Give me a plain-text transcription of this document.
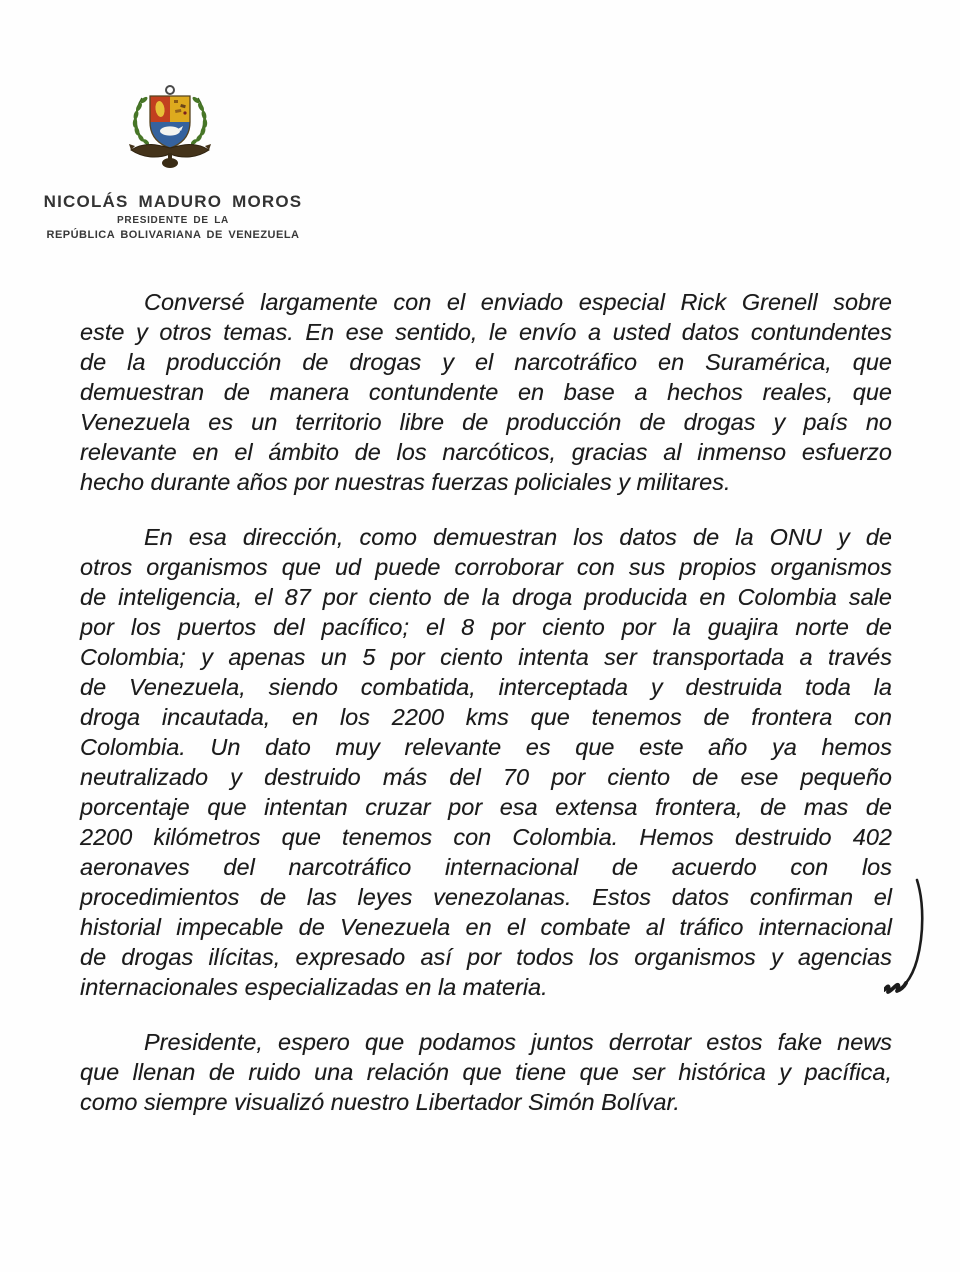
NICOLÁS MADURO MOROS
PRESIDENTE DE LA
REPÚBLICA BOLIVARIANA DE VENEZUELA
Conversé largamente con el enviado especial Rick Grenell sobre
este y otros temas. En ese sentido, le envío a usted datos contundentes
de la producción de drogas y el narcotráfico en Suramérica, que
demuestran de manera contundente en base a hechos reales, que
Venezuela es un territorio libre de producción de drogas y país no
relevante en el ámbito de los narcóticos, gracias al inmenso esfuerzo
hecho durante años por nuestras fuerzas policiales y militares.
En esa dirección, como demuestran los datos de la ONU y de
otros organismos que ud puede corroborar con sus propios organismos
de inteligencia, el 87 por ciento de la droga producida en Colombia sale
por los puertos del pacífico; el 8 por ciento por la guajira norte de
Colombia; y apenas un 5 por ciento intenta ser transportada a través
de Venezuela, siendo combatida, interceptada y destruida toda la
droga incautada, en los 2200 kms que tenemos de frontera con
Colombia. Un dato muy relevante es que este año ya hemos
neutralizado y destruido más del 70 por ciento de ese pequeño
porcentaje que intentan cruzar por esa extensa frontera, de mas de
2200 kilómetros que tenemos con Colombia. Hemos destruido 402
aeronaves del narcotráfico internacional de acuerdo con los
procedimientos de las leyes venezolanas. Estos datos confirman el
historial impecable de Venezuela en el combate al tráfico internacional
de drogas ilícitas, expresado así por todos los organismos y agencias
internacionales especializadas en la materia.
Presidente, espero que podamos juntos derrotar estos fake news
que llenan de ruido una relación que tiene que ser histórica y pacífica,
como siempre visualizó nuestro Libertador Simón Bolívar.
